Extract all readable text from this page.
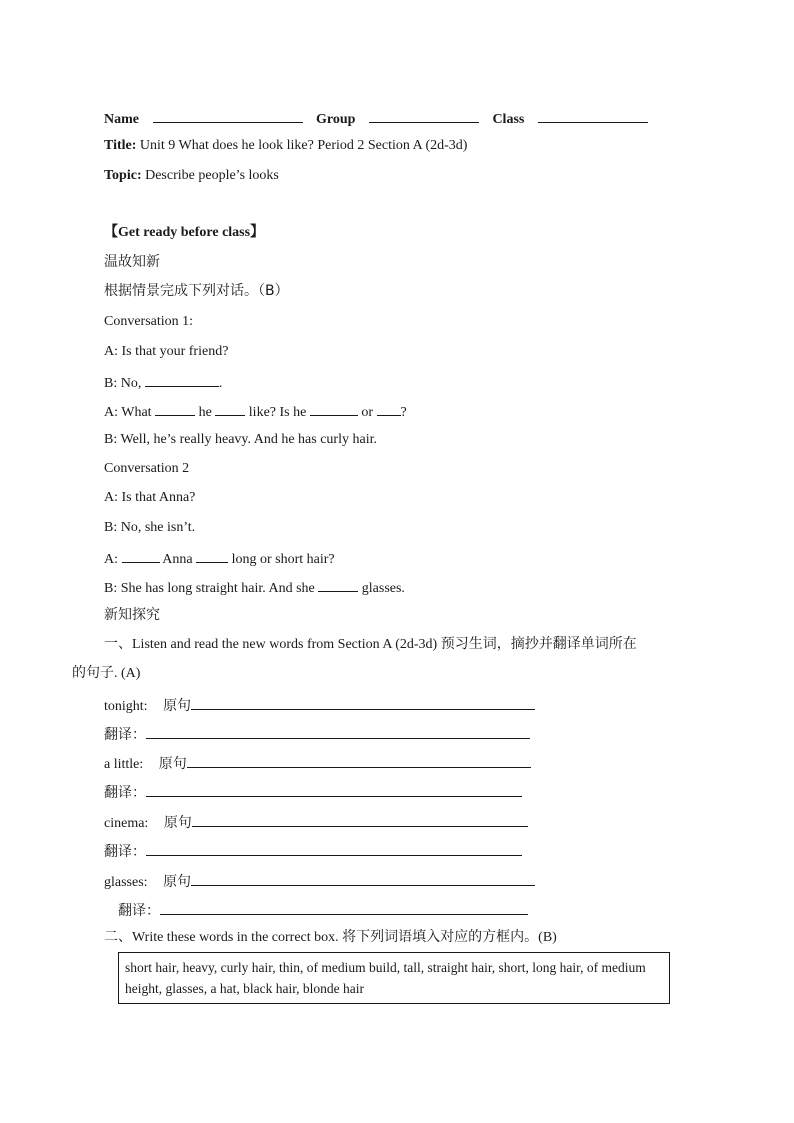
Name	Group	Class
Title: Unit 9 What does he look like? Period 2 Section A (2d-3d)
Topic: Describe people’s looks
【Get ready before class】
温故知新
根据情景完成下列对话。（B）
Conversation 1:
A: Is that your friend?
B: No,	.
A: What	he  like? Is he	or ?
B: Well, he’s really heavy. And he has curly hair.
Conversation 2
A: Is that Anna?
B: No, she isn’t.
A:	Anna  long or short hair?
B: She has long straight hair. And she	glasses.
新知探究
一、Listen and read the new words from Section A (2d-3d) 预习生词，摘抄并翻译单词所在
的句子. (A)
tonight: 原句
翻译：
a little: 原句
翻译：
cinema: 原句
翻译：
glasses: 原句
翻译：
二、Write these words in the correct box. 将下列词语填入对应的方框内。(B)
short hair, heavy, curly hair, thin, of medium build, tall, straight hair, short, long hair, of medium height, glasses, a hat, black hair, blonde hair
